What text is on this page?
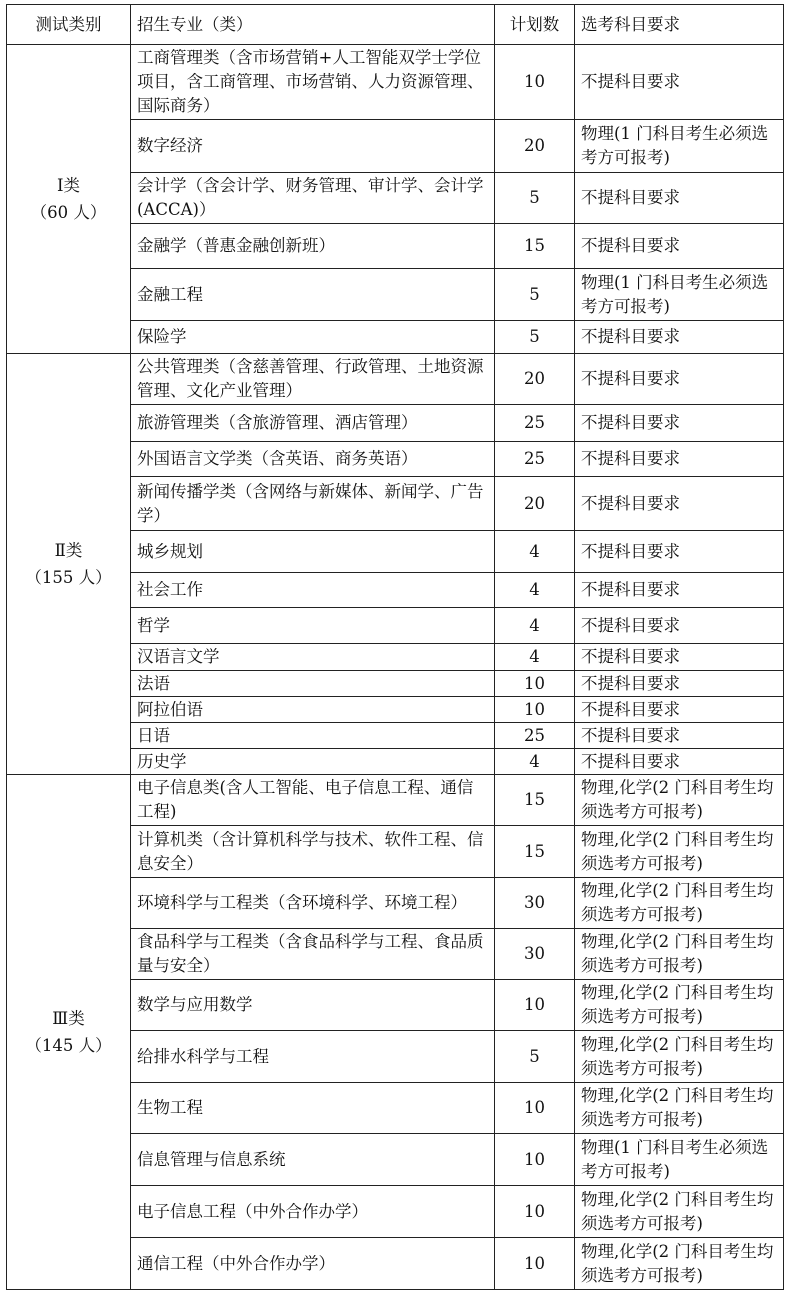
测试类别	招生专业（类）	计划数	选考科目要求

Ⅰ类
（60 人）	工商管理类（含市场营销+人工智能双学士学位项目，含工商管理、市场营销、人力资源管理、国际商务）	10	不提科目要求
	数字经济	20	物理(1 门科目考生必须选考方可报考)
	会计学（含会计学、财务管理、审计学、会计学(ACCA)）	5	不提科目要求
	金融学（普惠金融创新班）	15	不提科目要求
	金融工程	5	物理(1 门科目考生必须选考方可报考)
	保险学	5	不提科目要求

Ⅱ类
（155 人）	公共管理类（含慈善管理、行政管理、土地资源管理、文化产业管理）	20	不提科目要求
	旅游管理类（含旅游管理、酒店管理）	25	不提科目要求
	外国语言文学类（含英语、商务英语）	25	不提科目要求
	新闻传播学类（含网络与新媒体、新闻学、广告学）	20	不提科目要求
	城乡规划	4	不提科目要求
	社会工作	4	不提科目要求
	哲学	4	不提科目要求
	汉语言文学	4	不提科目要求
	法语	10	不提科目要求
	阿拉伯语	10	不提科目要求
	日语	25	不提科目要求
	历史学	4	不提科目要求

Ⅲ类
（145 人）	电子信息类(含人工智能、电子信息工程、通信工程)	15	物理,化学(2 门科目考生均须选考方可报考)
	计算机类（含计算机科学与技术、软件工程、信息安全）	15	物理,化学(2 门科目考生均须选考方可报考)
	环境科学与工程类（含环境科学、环境工程）	30	物理,化学(2 门科目考生均须选考方可报考)
	食品科学与工程类（含食品科学与工程、食品质量与安全）	30	物理,化学(2 门科目考生均须选考方可报考)
	数学与应用数学	10	物理,化学(2 门科目考生均须选考方可报考)
	给排水科学与工程	5	物理,化学(2 门科目考生均须选考方可报考)
	生物工程	10	物理,化学(2 门科目考生均须选考方可报考)
	信息管理与信息系统	10	物理(1 门科目考生必须选考方可报考)
	电子信息工程（中外合作办学）	10	物理,化学(2 门科目考生均须选考方可报考)
	通信工程（中外合作办学）	10	物理,化学(2 门科目考生均须选考方可报考)
